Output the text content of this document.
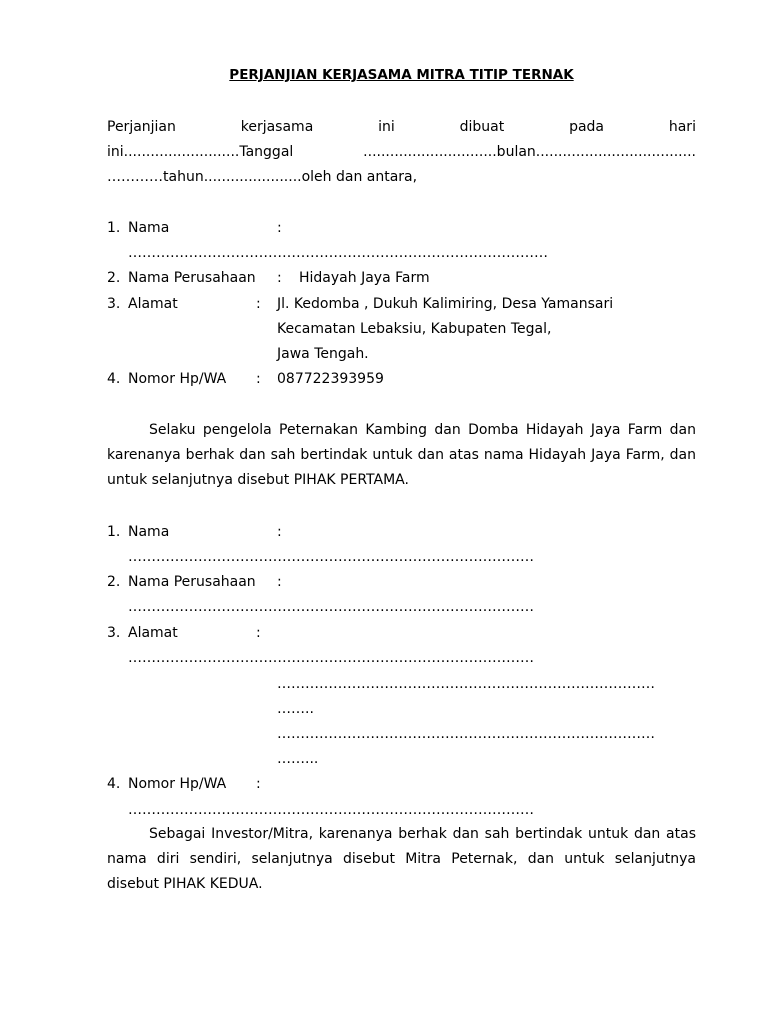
PERJANJIAN KERJASAMA MITRA TITIP TERNAK
Perjanjian	kerjasama	ini	dibuat	pada	hari
ini..........................Tanggal	..............................bulan....................................
…………tahun......................oleh dan antara,
1. Nama	:
………………………………………………………………………………
2. Nama Perusahaan : Hidayah Jaya Farm
3. Alamat	: Jl. Kedomba , Dukuh Kalimiring, Desa Yamansari
Kecamatan Lebaksiu, Kabupaten Tegal,
Jawa Tengah.
4. Nomor Hp/WA : 087722393959
Selaku pengelola Peternakan Kambing dan Domba Hidayah Jaya Farm dan karenanya berhak dan sah bertindak untuk dan atas nama Hidayah Jaya Farm, dan untuk selanjutnya disebut PIHAK PERTAMA.
1. Nama	:
……………………………………………………………………………
2. Nama Perusahaan :
……………………………………………………………………………
3. Alamat	:
……………………………………………………………………………
………………………………………………………………………
……..
………………………………………………………………………
……...
4. Nomor Hp/WA :
……………………………………………………………………………
Sebagai Investor/Mitra, karenanya berhak dan sah bertindak untuk dan atas nama diri sendiri, selanjutnya disebut Mitra Peternak, dan untuk selanjutnya disebut PIHAK KEDUA.
